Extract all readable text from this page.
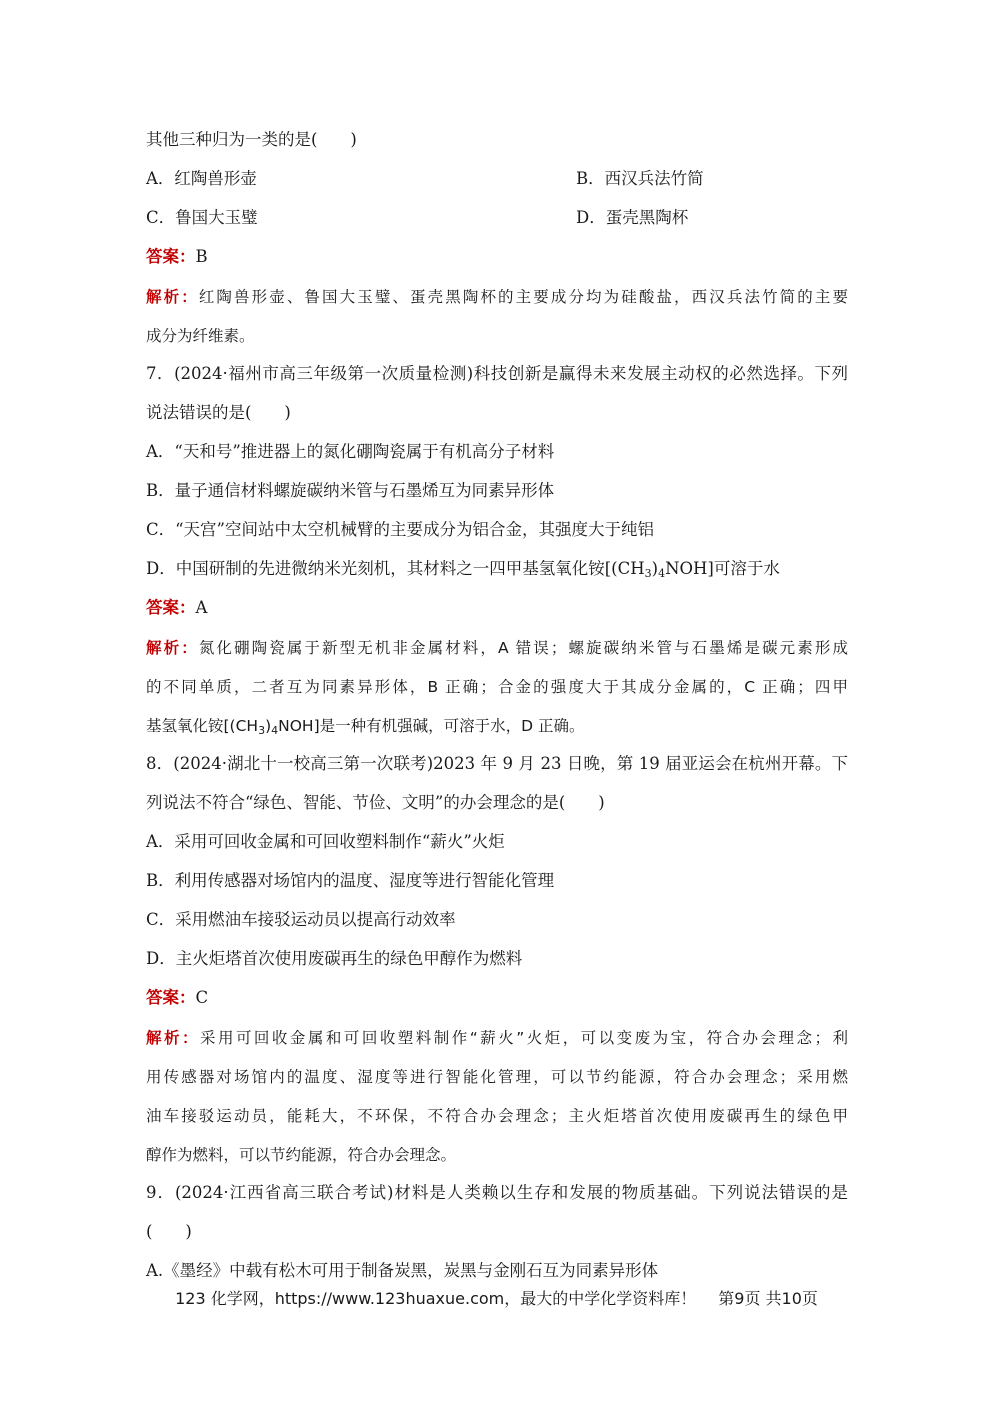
其他三种归为一类的是(　　)
A．红陶兽形壶	B．西汉兵法竹简
C．鲁国大玉璧	D．蛋壳黑陶杯
答案：B
解析：红陶兽形壶、鲁国大玉璧、蛋壳黑陶杯的主要成分均为硅酸盐，西汉兵法竹简的主要
成分为纤维素。
7．(2024·福州市高三年级第一次质量检测)科技创新是赢得未来发展主动权的必然选择。下列
说法错误的是(　　)
A．“天和号”推进器上的氮化硼陶瓷属于有机高分子材料
B．量子通信材料螺旋碳纳米管与石墨烯互为同素异形体
C．“天宫”空间站中太空机械臂的主要成分为铝合金，其强度大于纯铝
D．中国研制的先进微纳米光刻机，其材料之一四甲基氢氧化铵$[(CH_3)_4NOH]$可溶于水
答案：A
解析：氮化硼陶瓷属于新型无机非金属材料，A 错误；螺旋碳纳米管与石墨烯是碳元素形成
的不同单质，二者互为同素异形体，B 正确；合金的强度大于其成分金属的，C 正确；四甲
基氢氧化铵$[(CH_3)_4NOH]$是一种有机强碱，可溶于水，D 正确。
8．(2024·湖北十一校高三第一次联考)2023 年 9 月 23 日晚，第 19 届亚运会在杭州开幕。下
列说法不符合“绿色、智能、节俭、文明”的办会理念的是(　　)
A．采用可回收金属和可回收塑料制作“薪火”火炬
B．利用传感器对场馆内的温度、湿度等进行智能化管理
C．采用燃油车接驳运动员以提高行动效率
D．主火炬塔首次使用废碳再生的绿色甲醇作为燃料
答案：C
解析：采用可回收金属和可回收塑料制作“薪火”火炬，可以变废为宝，符合办会理念；利
用传感器对场馆内的温度、湿度等进行智能化管理，可以节约能源，符合办会理念；采用燃
油车接驳运动员，能耗大，不环保，不符合办会理念；主火炬塔首次使用废碳再生的绿色甲
醇作为燃料，可以节约能源，符合办会理念。
9．(2024·江西省高三联合考试)材料是人类赖以生存和发展的物质基础。下列说法错误的是
(　　)
A.《墨经》中载有松木可用于制备炭黑，炭黑与金刚石互为同素异形体
123 化学网，https://www.123huaxue.com，最大的中学化学资料库！ 第9页 共10页
